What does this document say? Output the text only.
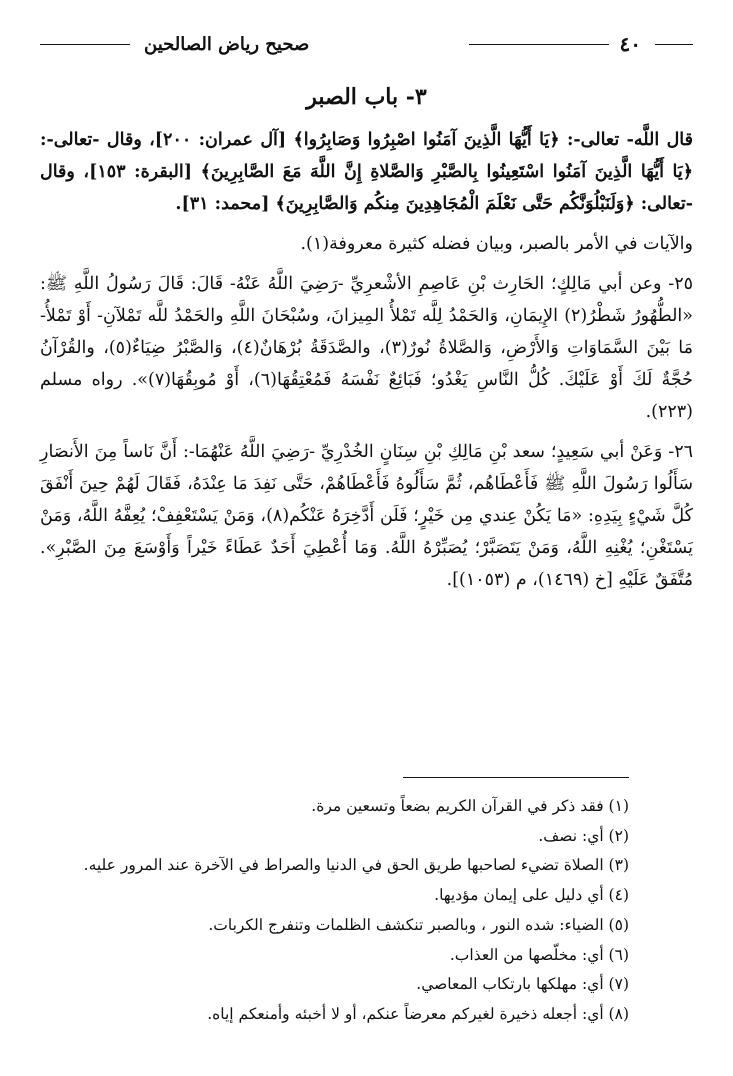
٤٠
صحيح رياض الصالحين
٣- باب الصبر

قال اللَّه- تعالى-: ﴿يَا أَيُّهَا الَّذِينَ آمَنُوا اصْبِرُوا وَصَابِرُوا﴾ [آل عمران: ٢٠٠]، وقال -تعالى-: ﴿يَا أَيُّهَا الَّذِينَ آمَنُوا اسْتَعِينُوا بِالصَّبْرِ وَالصَّلاةِ إِنَّ اللَّهَ مَعَ الصَّابِرِينَ﴾ [البقرة: ١٥٣]، وقال -تعالى: ﴿وَلَنَبْلُوَنَّكُم حَتَّى نَعْلَمَ الْمُجَاهِدِينَ مِنكُم وَالصَّابِرِينَ﴾ [محمد: ٣١].

والآيات في الأمر بالصبر، وبيان فضله كثيرة معروفة(١).

٢٥- وعن أبي مَالِكٍ؛ الحَارِث بْنِ عَاصِمِ الأشْعرِيِّ -رَضِيَ اللَّهُ عَنْهُ- قَالَ: قَالَ رَسُولُ اللَّهِ ﷺ: «الطُّهُورُ شَطْرُ(٢) الإِيمَانِ، وَالحَمْدُ لِلَّه تَمْلأُ المِيزانَ، وسُبْحَانَ اللَّهِ والحَمْدُ للَّه تَمْلآنِ- أَوْ تَمْلأُ- مَا بَيْنَ السَّمَاوَاتِ وَالأَرْضِ، وَالصَّلاةُ نُورٌ(٣)، والصَّدَقَةُ بُرْهَانٌ(٤)، وَالصَّبْرُ ضِيَاءٌ(٥)، والقُرْآنُ حُجَّةٌ لَكَ أَوْ عَلَيْكَ. كُلُّ النَّاسِ يَغْدُو؛ فَبَائِعٌ نَفْسَهُ فَمُعْتِقُهَا(٦)، أَوْ مُوبِقُهَا(٧)». رواه مسلم (٢٢٣).

٢٦- وَعَنْ أبي سَعِيدٍ؛ سعد بْنِ مَالِكِ بْنِ سِنَانٍ الخُدْرِيِّ -رَضِيَ اللَّهُ عَنْهُمَا-: أَنَّ نَاساً مِنَ الأَنصَارِ سَأَلُوا رَسُولَ اللَّهِ ﷺ فَأَعْطَاهُم، ثُمَّ سَأَلُوهُ فَأَعْطَاهُمْ، حَتَّى نَفِدَ مَا عِنْدَهُ، فَقَالَ لَهُمْ حِينَ أَنْفَقَ كُلَّ شَيْءٍ بِيَدِهِ: «مَا يَكُنْ عِندي مِن خَيْرٍ؛ فَلَن أَدَّخِرَهُ عَنْكُم(٨)، وَمَنْ يَسْتَعْفِفْ؛ يُعِفَّهُ اللَّهُ، وَمَنْ يَسْتَغْنِ؛ يُغْنِهِ اللَّهُ، وَمَنْ يَتَصَبَّرْ؛ يُصَبِّرْهُ اللَّهُ. وَمَا أُعْطِيَ أَحَدٌ عَطَاءً خَيْراً وَأَوْسَعَ مِنَ الصَّبْرِ». مُتَّفَقٌ عَلَيْهِ [خ (١٤٦٩)، م (١٠٥٣)].

(١) فقد ذكر في القرآن الكريم بضعاً وتسعين مرة.
(٢) أي: نصف.
(٣) الصلاة تضيء لصاحبها طريق الحق في الدنيا والصراط في الآخرة عند المرور عليه.
(٤) أي دليل على إيمان مؤديها.
(٥) الضياء: شده النور ، وبالصبر تنكشف الظلمات وتنفرج الكربات.
(٦) أي: مخلّصها من العذاب.
(٧) أي: مهلكها بارتكاب المعاصي.
(٨) أي: أجعله ذخيرة لغيركم معرضاً عنكم، أو لا أخبئه وأمنعكم إياه.
